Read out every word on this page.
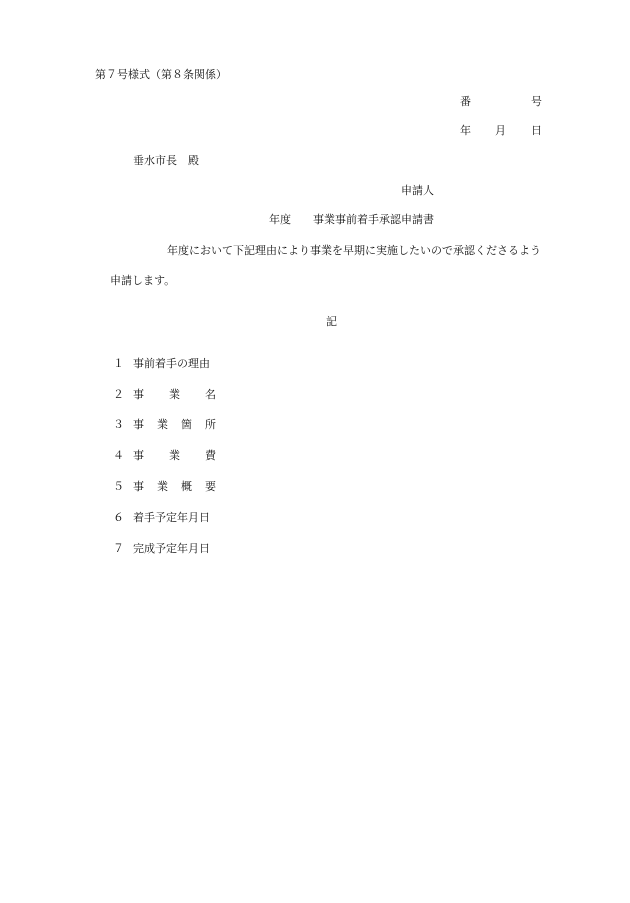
第７号様式（第８条関係）
番	号
年 月 日
垂水市長　殿
申請人
年度 事業事前着手承認申請書
年度において下記理由により事業を早期に実施したいので承認くださるよう
申請します。
記
１ 事前着手の理由
２ 事 業 名
３ 事 業 箇 所
４ 事 業 費
５ 事 業 概 要
６ 着手予定年月日
７ 完成予定年月日
